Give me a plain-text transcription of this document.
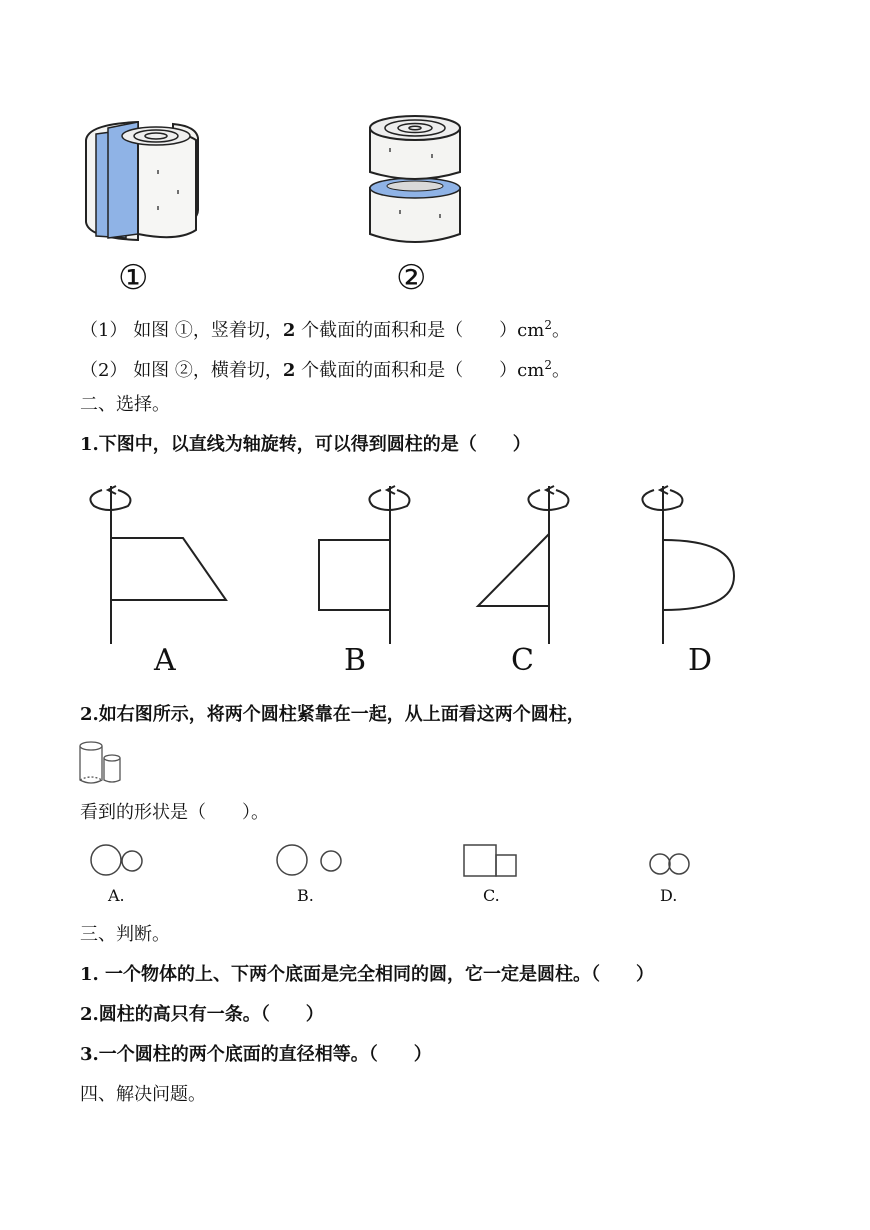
①	②
（1） 如图 ①，竖着切，2 个截面的面积和是（　　）$cm^2$。
（2） 如图 ②，横着切，2 个截面的面积和是（　　）$cm^2$。
二、选择。
1.下图中，以直线为轴旋转，可以得到圆柱的是（　　）
A	B	C	D
2.如右图所示，将两个圆柱紧靠在一起，从上面看这两个圆柱，
看到的形状是（　　）。
A.	B.	C.	D.
三、判断。
1. 一个物体的上、下两个底面是完全相同的圆，它一定是圆柱。（　　）
2.圆柱的高只有一条。（　　）
3.一个圆柱的两个底面的直径相等。（　　）
四、解决问题。
